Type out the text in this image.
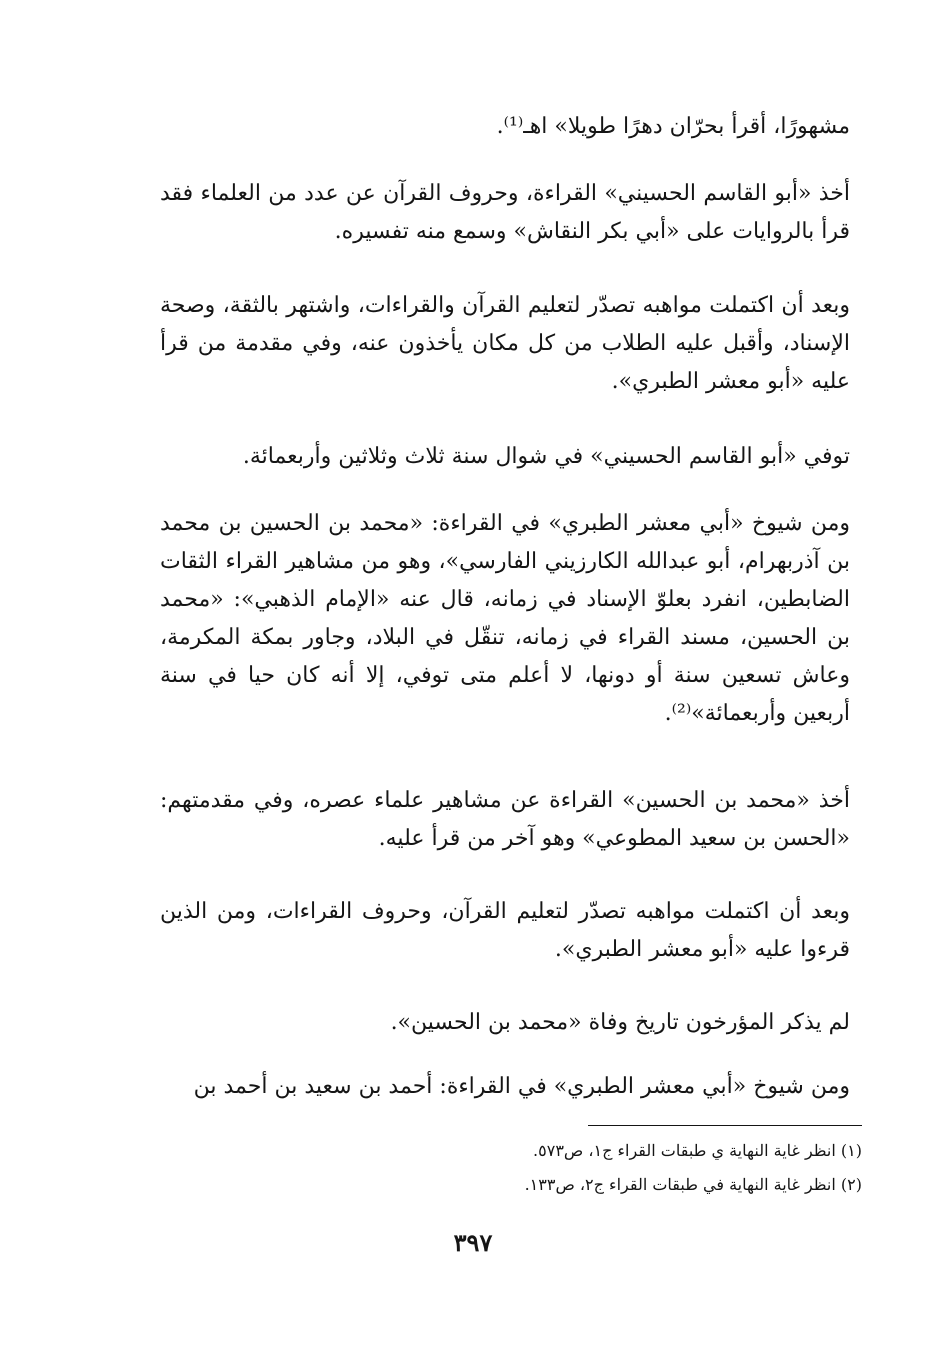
مشهورًا، أقرأ بحرّان دهرًا طويلا» اهـ⁽¹⁾.
أخذ «أبو القاسم الحسيني» القراءة، وحروف القرآن عن عدد من العلماء فقد قرأ بالروايات على «أبي بكر النقاش» وسمع منه تفسيره.
وبعد أن اكتملت مواهبه تصدّر لتعليم القرآن والقراءات، واشتهر بالثقة، وصحة الإسناد، وأقبل عليه الطلاب من كل مكان يأخذون عنه، وفي مقدمة من قرأ عليه «أبو معشر الطبري».
توفي «أبو القاسم الحسيني» في شوال سنة ثلاث وثلاثين وأربعمائة.
ومن شيوخ «أبي معشر الطبري» في القراءة: «محمد بن الحسين بن محمد بن آذربهرام، أبو عبدالله الكارزيني الفارسي»، وهو من مشاهير القراء الثقات الضابطين، انفرد بعلوّ الإسناد في زمانه، قال عنه «الإمام الذهبي»: «محمد بن الحسين، مسند القراء في زمانه، تنقّل في البلاد، وجاور بمكة المكرمة، وعاش تسعين سنة أو دونها، لا أعلم متى توفي، إلا أنه كان حيا في سنة أربعين وأربعمائة»⁽²⁾.
أخذ «محمد بن الحسين» القراءة عن مشاهير علماء عصره، وفي مقدمتهم: «الحسن بن سعيد المطوعي» وهو آخر من قرأ عليه.
وبعد أن اكتملت مواهبه تصدّر لتعليم القرآن، وحروف القراءات، ومن الذين قرءوا عليه «أبو معشر الطبري».
لم يذكر المؤرخون تاريخ وفاة «محمد بن الحسين».
ومن شيوخ «أبي معشر الطبري» في القراءة: أحمد بن سعيد بن أحمد بن
(١) انظر غاية النهاية ي طبقات القراء ج١، ص٥٧٣.
(٢) انظر غاية النهاية في طبقات القراء ج٢، ص١٣٣.
٣٩٧
